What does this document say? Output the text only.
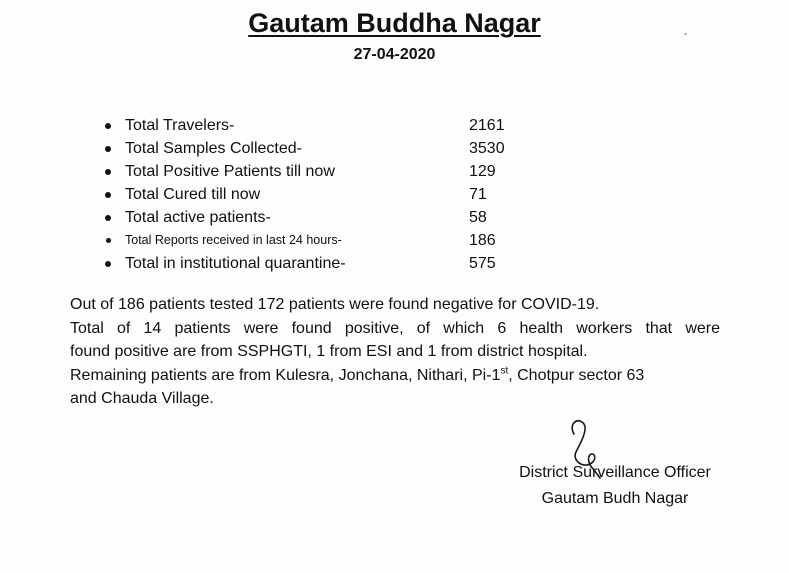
Gautam Buddha Nagar
27-04-2020
Total Travelers-	2161
Total Samples Collected-	3530
Total Positive Patients till now	129
Total Cured till now	71
Total active patients-	58
Total Reports received in last 24 hours-	186
Total in institutional quarantine-	575
Out of 186 patients tested 172 patients were found negative for COVID-19.
Total of 14 patients were found positive, of which 6 health workers that were
found positive are from SSPHGTI, 1 from ESI and 1 from district hospital.
Remaining patients are from Kulesra, Jonchana, Nithari, Pi-1st, Chotpur sector 63
and Chauda Village.
District Surveillance Officer
Gautam Budh Nagar
